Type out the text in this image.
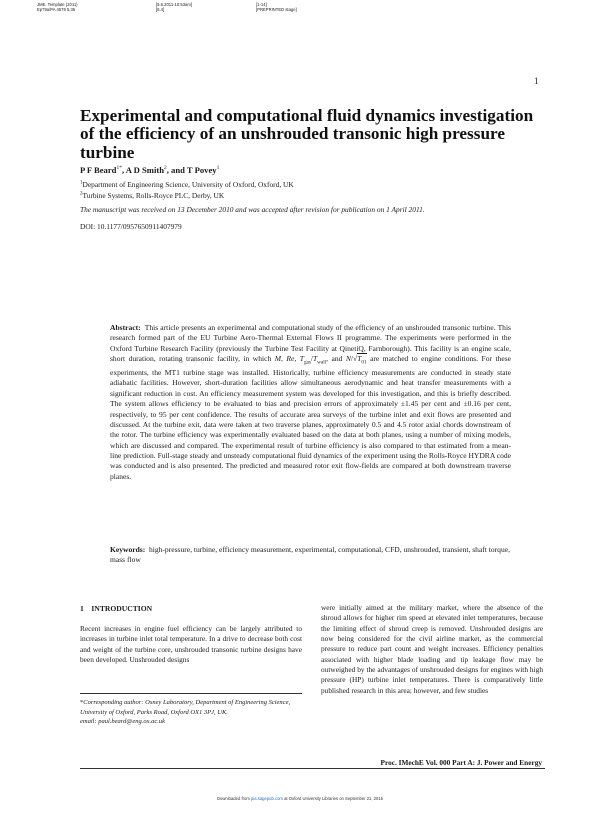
JME. Template (2011)
Ep79a/PA 4578 5,35
[5.6.2011-10:53am]
[8.4]
[1-14]
[PREPRINTED stage]
1
Experimental and computational fluid dynamics investigation of the efficiency of an unshrouded transonic high pressure turbine
P F Beard$^{1*}$, A D Smith$^2$, and T Povey$^1$
$^1$Department of Engineering Science, University of Oxford, Oxford, UK
$^2$Turbine Systems, Rolls-Royce PLC, Derby, UK
The manuscript was received on 13 December 2010 and was accepted after revision for publication on 1 April 2011.
DOI: 10.1177/0957650911407979

Abstract: This article presents an experimental and computational study of the efficiency of an unshrouded transonic turbine. This research formed part of the EU Turbine Aero-Thermal External Flows II programme. The experiments were performed in the Oxford Turbine Research Facility (previously the Turbine Test Facility at QinetiQ, Farnborough). This facility is an engine scale, short duration, rotating transonic facility, in which M, Re, $T_{gas}/T_{wall}$, and $N/√T_{01}$ are matched to engine conditions. For these experiments, the MT1 turbine stage was installed. Historically, turbine efficiency measurements are conducted in steady state adiabatic facilities. However, short-duration facilities allow simultaneous aerodynamic and heat transfer measurements with a significant reduction in cost. An efficiency measurement system was developed for this investigation, and this is briefly described. The system allows efficiency to be evaluated to bias and precision errors of approximately ±1.45 per cent and ±0.16 per cent, respectively, to 95 per cent confidence. The results of accurate area surveys of the turbine inlet and exit flows are presented and discussed. At the turbine exit, data were taken at two traverse planes, approximately 0.5 and 4.5 rotor axial chords downstream of the rotor. The turbine efficiency was experimentally evaluated based on the data at both planes, using a number of mixing models, which are discussed and compared. The experimental result of turbine efficiency is also compared to that estimated from a mean-line prediction. Full-stage steady and unsteady computational fluid dynamics of the experiment using the Rolls-Royce HYDRA code was conducted and is also presented. The predicted and measured rotor exit flow-fields are compared at both downstream traverse planes.

Keywords: high-pressure, turbine, efficiency measurement, experimental, computational, CFD, unshrouded, transient, shaft torque, mass flow

1 INTRODUCTION

Recent increases in engine fuel efficiency can be largely attributed to increases in turbine inlet total temperature. In a drive to decrease both cost and weight of the turbine core, unshrouded transonic turbine designs have been developed. Unshrouded designs

were initially aimed at the military market, where the absence of the shroud allows for higher rim speed at elevated inlet temperatures, because the limiting effect of shroud creep is removed. Unshrouded designs are now being considered for the civil airline market, as the commercial pressure to reduce part count and weight increases. Efficiency penalties associated with higher blade loading and tip leakage flow may be outweighed by the advantages of unshrouded designs for engines with high pressure (HP) turbine inlet temperatures. There is comparatively little published research in this area; however, and few studies

*Corresponding author: Osney Laboratory, Department of Engineering Science, University of Oxford, Parks Road, Oxford OX1 3PJ, UK.
email: paul.beard@eng.ox.ac.uk

Proc. IMechE Vol. 000 Part A: J. Power and Energy
Downloaded from pia.sagepub.com at Oxford University Libraries on September 21, 2015
